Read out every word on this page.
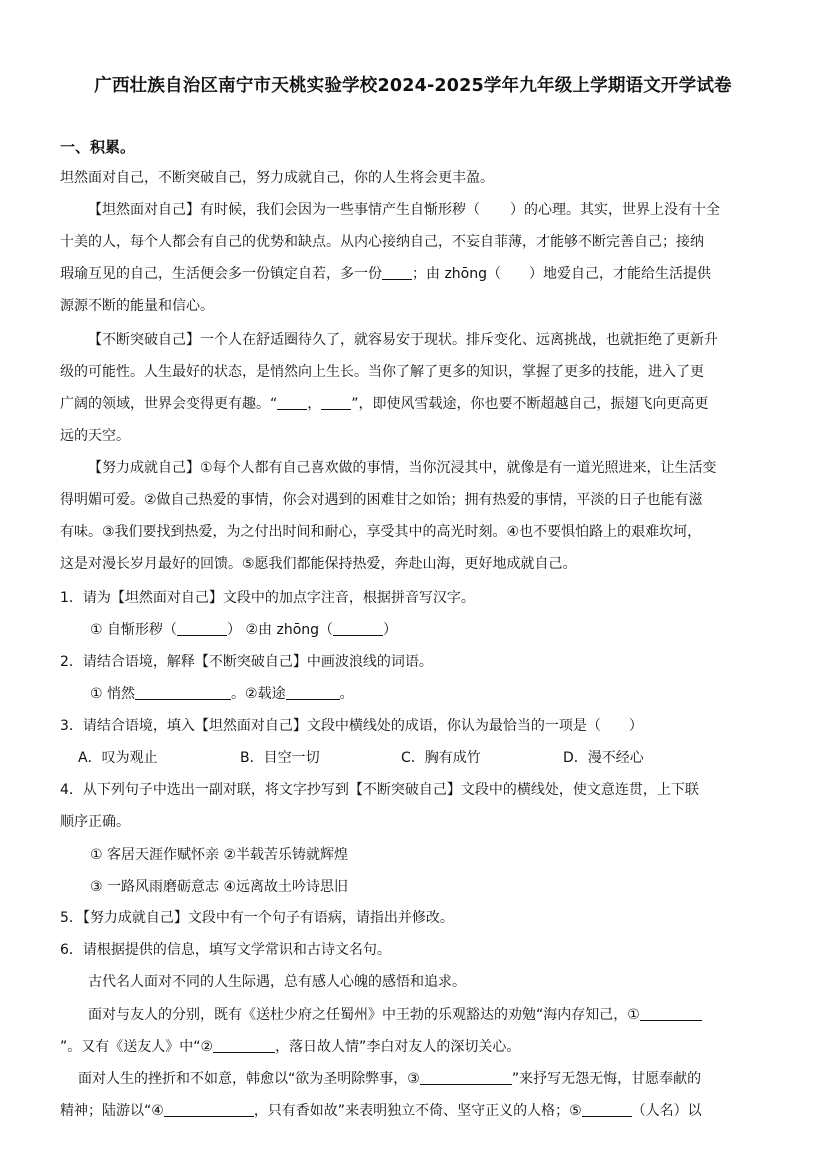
广西壮族自治区南宁市天桃实验学校2024-2025学年九年级上学期语文开学试卷
一、积累。
坦然面对自己，不断突破自己，努力成就自己，你的人生将会更丰盈。
【坦然面对自己】有时候，我们会因为一些事情产生自惭形秽（ ）的心理。其实，世界上没有十全
十美的人，每个人都会有自己的优势和缺点。从内心接纳自己，不妄自菲薄，才能够不断完善自己；接纳
瑕瑜互见的自己，生活便会多一份镇定自若，多一份 ；由 zhōng（ ）地爱自己，才能给生活提供
源源不断的能量和信心。
【不断突破自己】一个人在舒适圈待久了，就容易安于现状。排斥变化、远离挑战，也就拒绝了更新升
级的可能性。人生最好的状态，是悄然向上生长。当你了解了更多的知识，掌握了更多的技能，进入了更
广阔的领域，世界会变得更有趣。“ ， ”，即使风雪载途，你也要不断超越自己，振翅飞向更高更
远的天空。
【努力成就自己】①每个人都有自己喜欢做的事情，当你沉浸其中，就像是有一道光照进来，让生活变
得明媚可爱。②做自己热爱的事情，你会对遇到的困难甘之如饴；拥有热爱的事情，平淡的日子也能有滋
有味。③我们要找到热爱，为之付出时间和耐心，享受其中的高光时刻。④也不要惧怕路上的艰难坎坷，
这是对漫长岁月最好的回馈。⑤愿我们都能保持热爱，奔赴山海，更好地成就自己。
1．请为【坦然面对自己】文段中的加点字注音，根据拼音写汉字。
① 自惭形秽（	） ②由 zhōng（	）
2．请结合语境，解释【不断突破自己】中画波浪线的词语。
① 悄然	。②载途	。
3．请结合语境，填入【坦然面对自己】文段中横线处的成语，你认为最恰当的一项是（　　）
A．叹为观止	B．目空一切	C．胸有成竹	D．漫不经心
4．从下列句子中选出一副对联，将文字抄写到【不断突破自己】文段中的横线处，使文意连贯，上下联
顺序正确。
① 客居天涯作赋怀亲 ②半载苦乐铸就辉煌
③ 一路风雨磨砺意志 ④远离故土吟诗思旧
5．【努力成就自己】文段中有一个句子有语病，请指出并修改。
6．请根据提供的信息，填写文学常识和古诗文名句。
古代名人面对不同的人生际遇，总有感人心魄的感悟和追求。
面对与友人的分别，既有《送杜少府之任蜀州》中王勃的乐观豁达的劝勉“海内存知己，①
”。又有《送友人》中“②	，落日故人情”李白对友人的深切关心。
面对人生的挫折和不如意，韩愈以“欲为圣明除弊事，③	”来抒写无怨无悔，甘愿奉献的
精神；陆游以“④	，只有香如故”来表明独立不倚、坚守正义的人格；⑤	（人名）以
